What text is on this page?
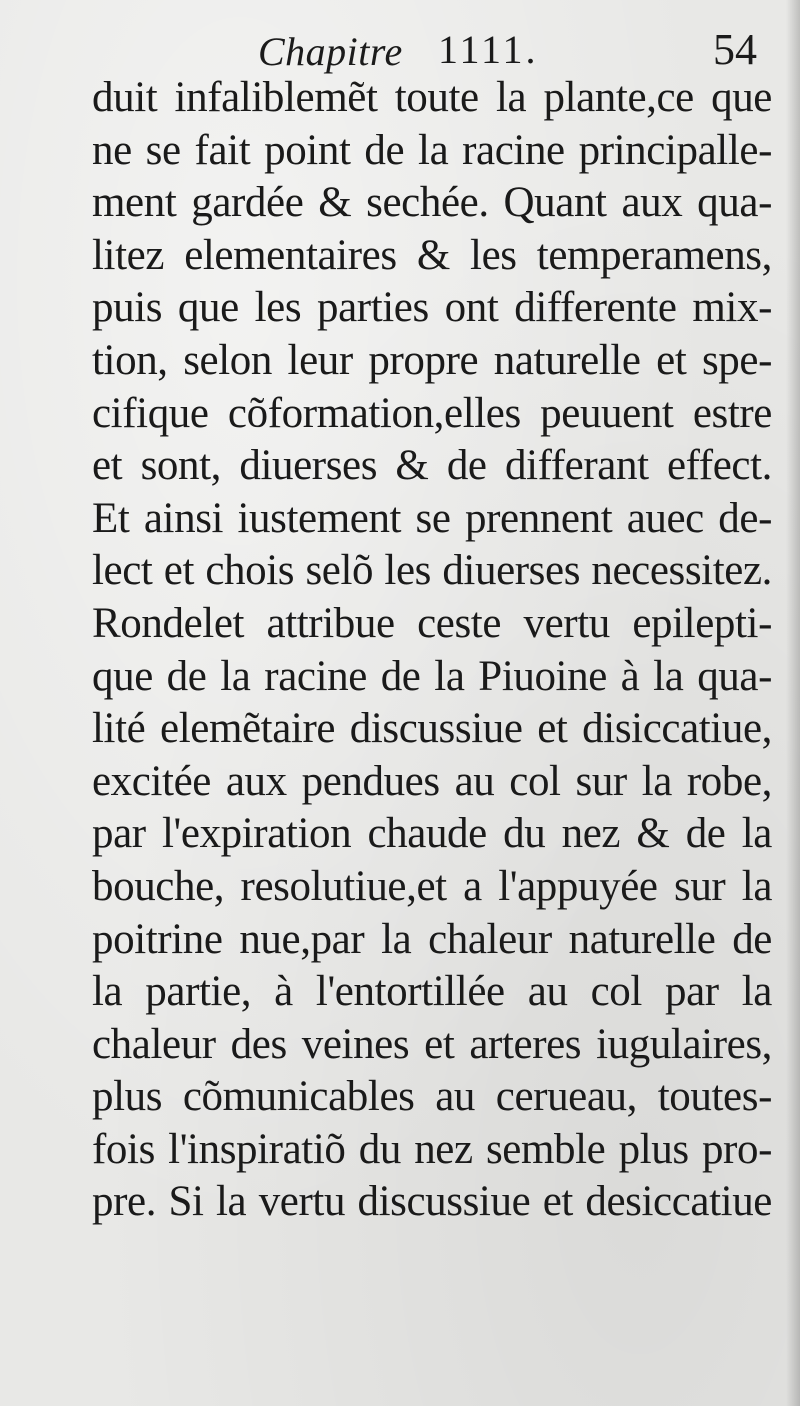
Chapitre 1111.	54
duit infaliblemẽt toute la plante,ce que
ne se fait point de la racine principalle-
ment gardée & sechée. Quant aux qua-
litez elementaires & les temperamens,
puis que les parties ont differente mix-
tion, selon leur propre naturelle et spe-
cifique cõformation,elles peuuent estre
et sont, diuerses & de differant effect.
Et ainsi iustement se prennent auec de-
lect et chois selõ les diuerses necessitez.
Rondelet attribue ceste vertu epilepti-
que de la racine de la Piuoine à la qua-
lité elemẽtaire discussiue et disiccatiue,
excitée aux pendues au col sur la robe,
par l'expiration chaude du nez & de la
bouche, resolutiue,et a l'appuyée sur la
poitrine nue,par la chaleur naturelle de
la partie, à l'entortillée au col par la
chaleur des veines et arteres iugulaires,
plus cõmunicables au cerueau, toutes-
fois l'inspiratiõ du nez semble plus pro-
pre. Si la vertu discussiue et desiccatiue
